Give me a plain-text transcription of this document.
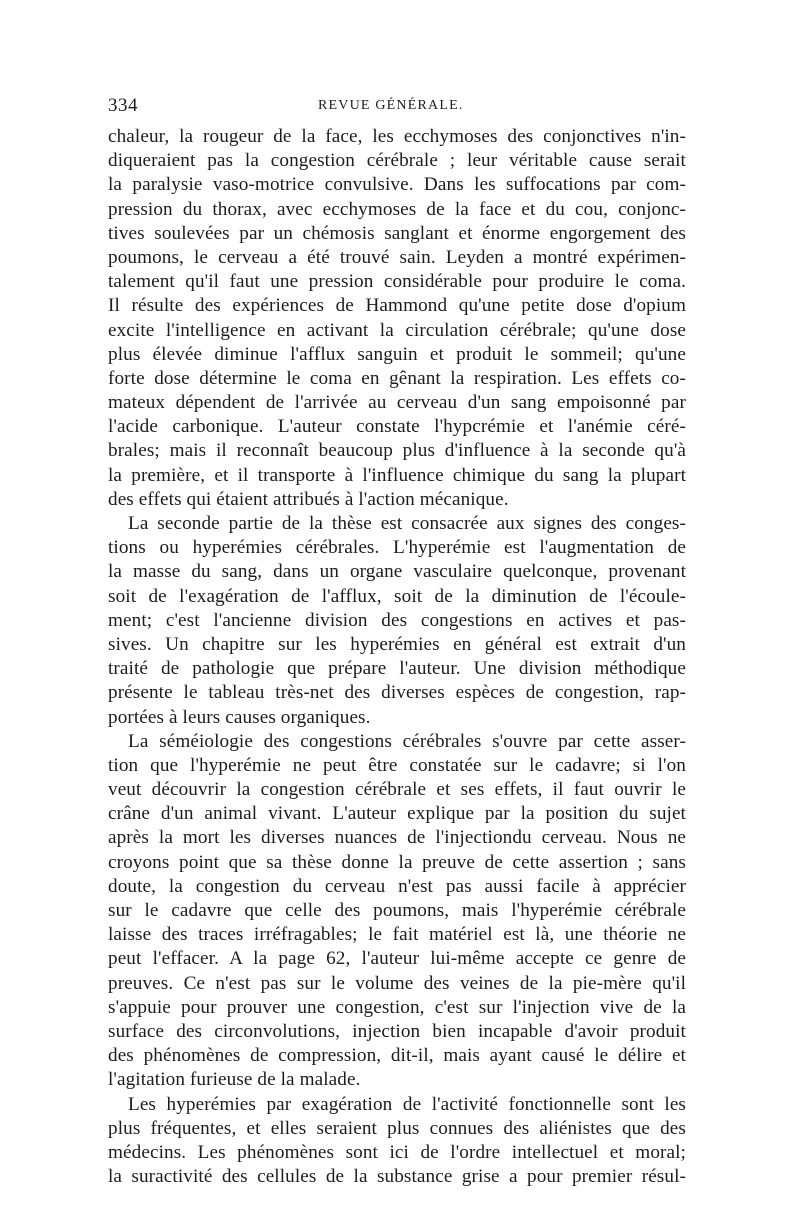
334	REVUE GÉNÉRALE.
chaleur, la rougeur de la face, les ecchymoses des conjonctives n'in-
diqueraient pas la congestion cérébrale ; leur véritable cause serait
la paralysie vaso-motrice convulsive. Dans les suffocations par com-
pression du thorax, avec ecchymoses de la face et du cou, conjonc-
tives soulevées par un chémosis sanglant et énorme engorgement des
poumons, le cerveau a été trouvé sain. Leyden a montré expérimen-
talement qu'il faut une pression considérable pour produire le coma.
Il résulte des expériences de Hammond qu'une petite dose d'opium
excite l'intelligence en activant la circulation cérébrale; qu'une dose
plus élevée diminue l'afflux sanguin et produit le sommeil; qu'une
forte dose détermine le coma en gênant la respiration. Les effets co-
mateux dépendent de l'arrivée au cerveau d'un sang empoisonné par
l'acide carbonique. L'auteur constate l'hypcrémie et l'anémie céré-
brales; mais il reconnaît beaucoup plus d'influence à la seconde qu'à
la première, et il transporte à l'influence chimique du sang la plupart
des effets qui étaient attribués à l'action mécanique.
La seconde partie de la thèse est consacrée aux signes des conges-
tions ou hyperémies cérébrales. L'hyperémie est l'augmentation de
la masse du sang, dans un organe vasculaire quelconque, provenant
soit de l'exagération de l'afflux, soit de la diminution de l'écoule-
ment; c'est l'ancienne division des congestions en actives et pas-
sives. Un chapitre sur les hyperémies en général est extrait d'un
traité de pathologie que prépare l'auteur. Une division méthodique
présente le tableau très-net des diverses espèces de congestion, rap-
portées à leurs causes organiques.
La séméiologie des congestions cérébrales s'ouvre par cette asser-
tion que l'hyperémie ne peut être constatée sur le cadavre; si l'on
veut découvrir la congestion cérébrale et ses effets, il faut ouvrir le
crâne d'un animal vivant. L'auteur explique par la position du sujet
après la mort les diverses nuances de l'injectiondu cerveau. Nous ne
croyons point que sa thèse donne la preuve de cette assertion ; sans
doute, la congestion du cerveau n'est pas aussi facile à apprécier
sur le cadavre que celle des poumons, mais l'hyperémie cérébrale
laisse des traces irréfragables; le fait matériel est là, une théorie ne
peut l'effacer. A la page 62, l'auteur lui-même accepte ce genre de
preuves. Ce n'est pas sur le volume des veines de la pie-mère qu'il
s'appuie pour prouver une congestion, c'est sur l'injection vive de la
surface des circonvolutions, injection bien incapable d'avoir produit
des phénomènes de compression, dit-il, mais ayant causé le délire et
l'agitation furieuse de la malade.
Les hyperémies par exagération de l'activité fonctionnelle sont les
plus fréquentes, et elles seraient plus connues des aliénistes que des
médecins. Les phénomènes sont ici de l'ordre intellectuel et moral;
la suractivité des cellules de la substance grise a pour premier résul-
